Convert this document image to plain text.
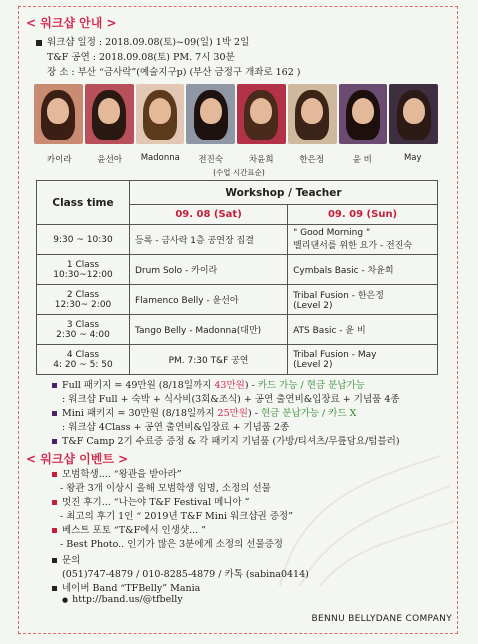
< 워크샵 안내 >
워크샵 일정 : 2018.09.08(토)~09(일) 1박 2일
T&F 공연 : 2018.09.08(토) PM. 7시 30분
장 소 : 부산 “금사락”(예술지구p) (부산 금정구 개좌로 162 )
카이라	윤선아	Madonna	전진숙	차윤희	한은정	윤 비	May
(수업 시간표순)
Class time	Workshop / Teacher	
	09. 08 (Sat)	09. 09 (Sun)
9:30 ~ 10:30	등록 - 금사락 1층 공연장 집결	" Good Morning "
밸리댄서를 위한 요가 - 전진숙
1 Class
10:30~12:00	Drum Solo - 카이라	Cymbals Basic - 차윤희
2 Class
12:30~ 2:00	Flamenco Belly - 윤선아	Tribal Fusion - 한은정
(Level 2)
3 Class
2:30 ~ 4:00	Tango Belly - Madonna(대만)	ATS Basic - 윤 비
4 Class
4: 20 ~ 5: 50	PM. 7:30 T&F 공연	Tribal Fusion - May
(Level 2)
Full 패키지 = 49만원 (8/18일까지 43만원) - 카드 가능 / 현금 분납가능
: 워크샵 Full + 숙박 + 식사비(3회&조식) + 공연 출연비&입장료 + 기념품 4종
Mini 패키지 = 30만원 (8/18일까지 25만원) - 현금 분납가능 / 카드 X
: 워크샵 4Class + 공연 출연비&입장료 + 기념품 2종
T&F Camp 2기 수료증 증정 & 각 패키지 기념품 (가방/티셔츠/무릎담요/텀블러)
< 워크샵 이벤트 >
모범학생.... “왕관을 받아라”
- 왕관 3개 이상시 올해 모범학생 임명, 소정의 선물
멋진 후기... “나는야 T&F Festival 메니아 ”
- 최고의 후기 1인 “ 2019년 T&F Mini 워크샵권 증정”
베스트 포토 “T&F에서 인생샷... ”
- Best Photo.. 인기가 많은 3분에게 소정의 선물증정
문의
(051)747-4879 / 010-8285-4879 / 카톡 (sabina0414)
네이버 Band “TFBelly” Mania
● http://band.us/@tfbelly
BENNU BELLYDANE COMPANY
